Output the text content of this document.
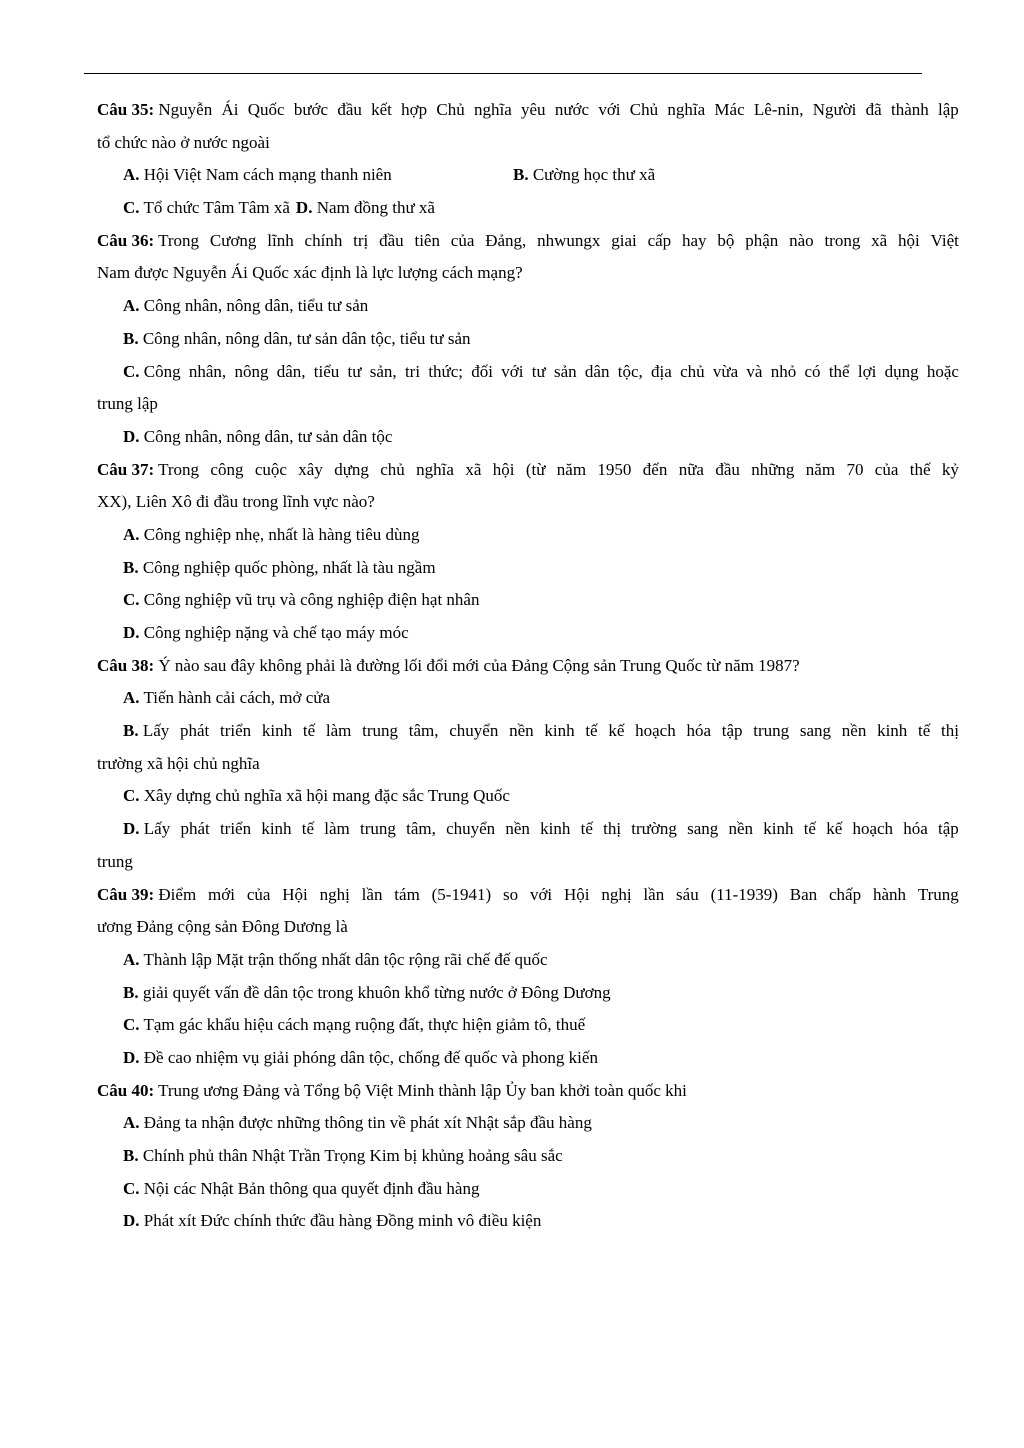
Câu 35: Nguyễn Ái Quốc bước đầu kết hợp Chủ nghĩa yêu nước với Chủ nghĩa Mác Lê-nin, Người đã thành lập
tổ chức nào ở nước ngoài
A. Hội Việt Nam cách mạng thanh niên	B. Cường học thư xã
C. Tổ chức Tâm Tâm xã D. Nam đồng thư xã
Câu 36: Trong Cương lĩnh chính trị đầu tiên của Đảng, nhwungx giai cấp hay bộ phận nào trong xã hội Việt
Nam được Nguyễn Ái Quốc xác định là lực lượng cách mạng?
A. Công nhân, nông dân, tiểu tư sản
B. Công nhân, nông dân, tư sản dân tộc, tiểu tư sản
C. Công nhân, nông dân, tiểu tư sản, tri thức; đối với tư sản dân tộc, địa chủ vừa và nhỏ có thể lợi dụng hoặc
trung lập
D. Công nhân, nông dân, tư sản dân tộc
Câu 37: Trong công cuộc xây dựng chủ nghĩa xã hội (từ năm 1950 đến nữa đầu những năm 70 của thế kỷ
XX), Liên Xô đi đầu trong lĩnh vực nào?
A. Công nghiệp nhẹ, nhất là hàng tiêu dùng
B. Công nghiệp quốc phòng, nhất là tàu ngầm
C. Công nghiệp vũ trụ và công nghiệp điện hạt nhân
D. Công nghiệp nặng và chế tạo máy móc
Câu 38: Ý nào sau đây không phải là đường lối đổi mới của Đảng Cộng sản Trung Quốc từ năm 1987?
A. Tiến hành cải cách, mở cửa
B. Lấy phát triển kinh tế làm trung tâm, chuyển nền kinh tế kế hoạch hóa tập trung sang nền kinh tế thị
trường xã hội chủ nghĩa
C. Xây dựng chủ nghĩa xã hội mang đặc sắc Trung Quốc
D. Lấy phát triển kinh tế làm trung tâm, chuyển nền kinh tế thị trường sang nền kinh tế kế hoạch hóa tập
trung
Câu 39: Điểm mới của Hội nghị lần tám (5-1941) so với Hội nghị lần sáu (11-1939) Ban chấp hành Trung
ương Đảng cộng sản Đông Dương là
A. Thành lập Mặt trận thống nhất dân tộc rộng rãi chế đế quốc
B. giải quyết vấn đề dân tộc trong khuôn khổ từng nước ở Đông Dương
C. Tạm gác khẩu hiệu cách mạng ruộng đất, thực hiện giảm tô, thuế
D. Đề cao nhiệm vụ giải phóng dân tộc, chống đế quốc và phong kiến
Câu 40: Trung ương Đảng và Tổng bộ Việt Minh thành lập Ủy ban khởi toàn quốc khi
A. Đảng ta nhận được những thông tin về phát xít Nhật sắp đầu hàng
B. Chính phủ thân Nhật Trần Trọng Kim bị khủng hoảng sâu sắc
C. Nội các Nhật Bản thông qua quyết định đầu hàng
D. Phát xít Đức chính thức đầu hàng Đồng minh vô điều kiện
